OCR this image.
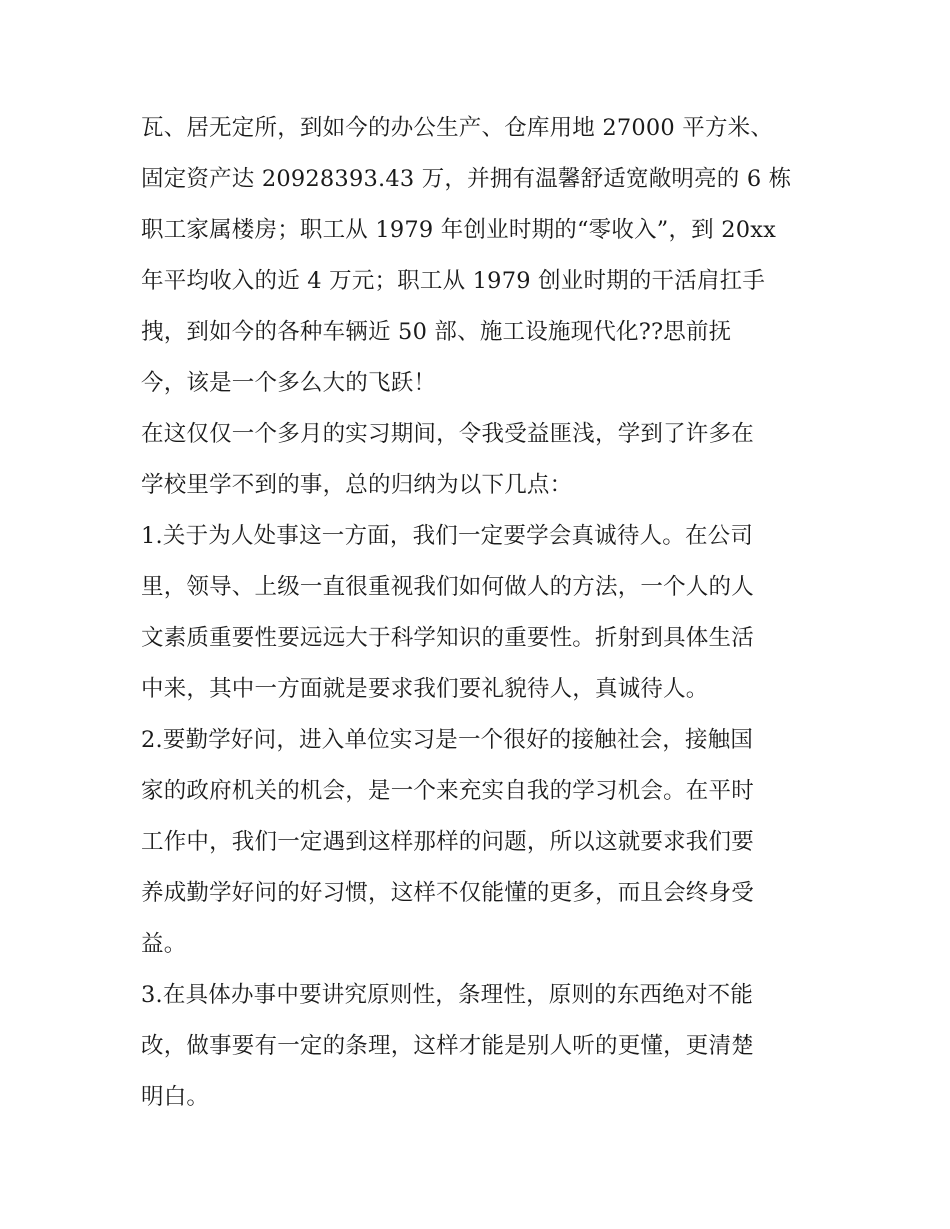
瓦、居无定所，到如今的办公生产、仓库用地 27000 平方米、
固定资产达 20928393.43 万，并拥有温馨舒适宽敞明亮的 6 栋
职工家属楼房；职工从 1979 年创业时期的“零收入”，到 20xx
年平均收入的近 4 万元；职工从 1979 创业时期的干活肩扛手
拽，到如今的各种车辆近 50 部、施工设施现代化??思前抚
今，该是一个多么大的飞跃！
在这仅仅一个多月的实习期间，令我受益匪浅，学到了许多在
学校里学不到的事，总的归纳为以下几点：
1.关于为人处事这一方面，我们一定要学会真诚待人。在公司
里，领导、上级一直很重视我们如何做人的方法，一个人的人
文素质重要性要远远大于科学知识的重要性。折射到具体生活
中来，其中一方面就是要求我们要礼貌待人，真诚待人。
2.要勤学好问，进入单位实习是一个很好的接触社会，接触国
家的政府机关的机会，是一个来充实自我的学习机会。在平时
工作中，我们一定遇到这样那样的问题，所以这就要求我们要
养成勤学好问的好习惯，这样不仅能懂的更多，而且会终身受
益。
3.在具体办事中要讲究原则性，条理性，原则的东西绝对不能
改，做事要有一定的条理，这样才能是别人听的更懂，更清楚
明白。
